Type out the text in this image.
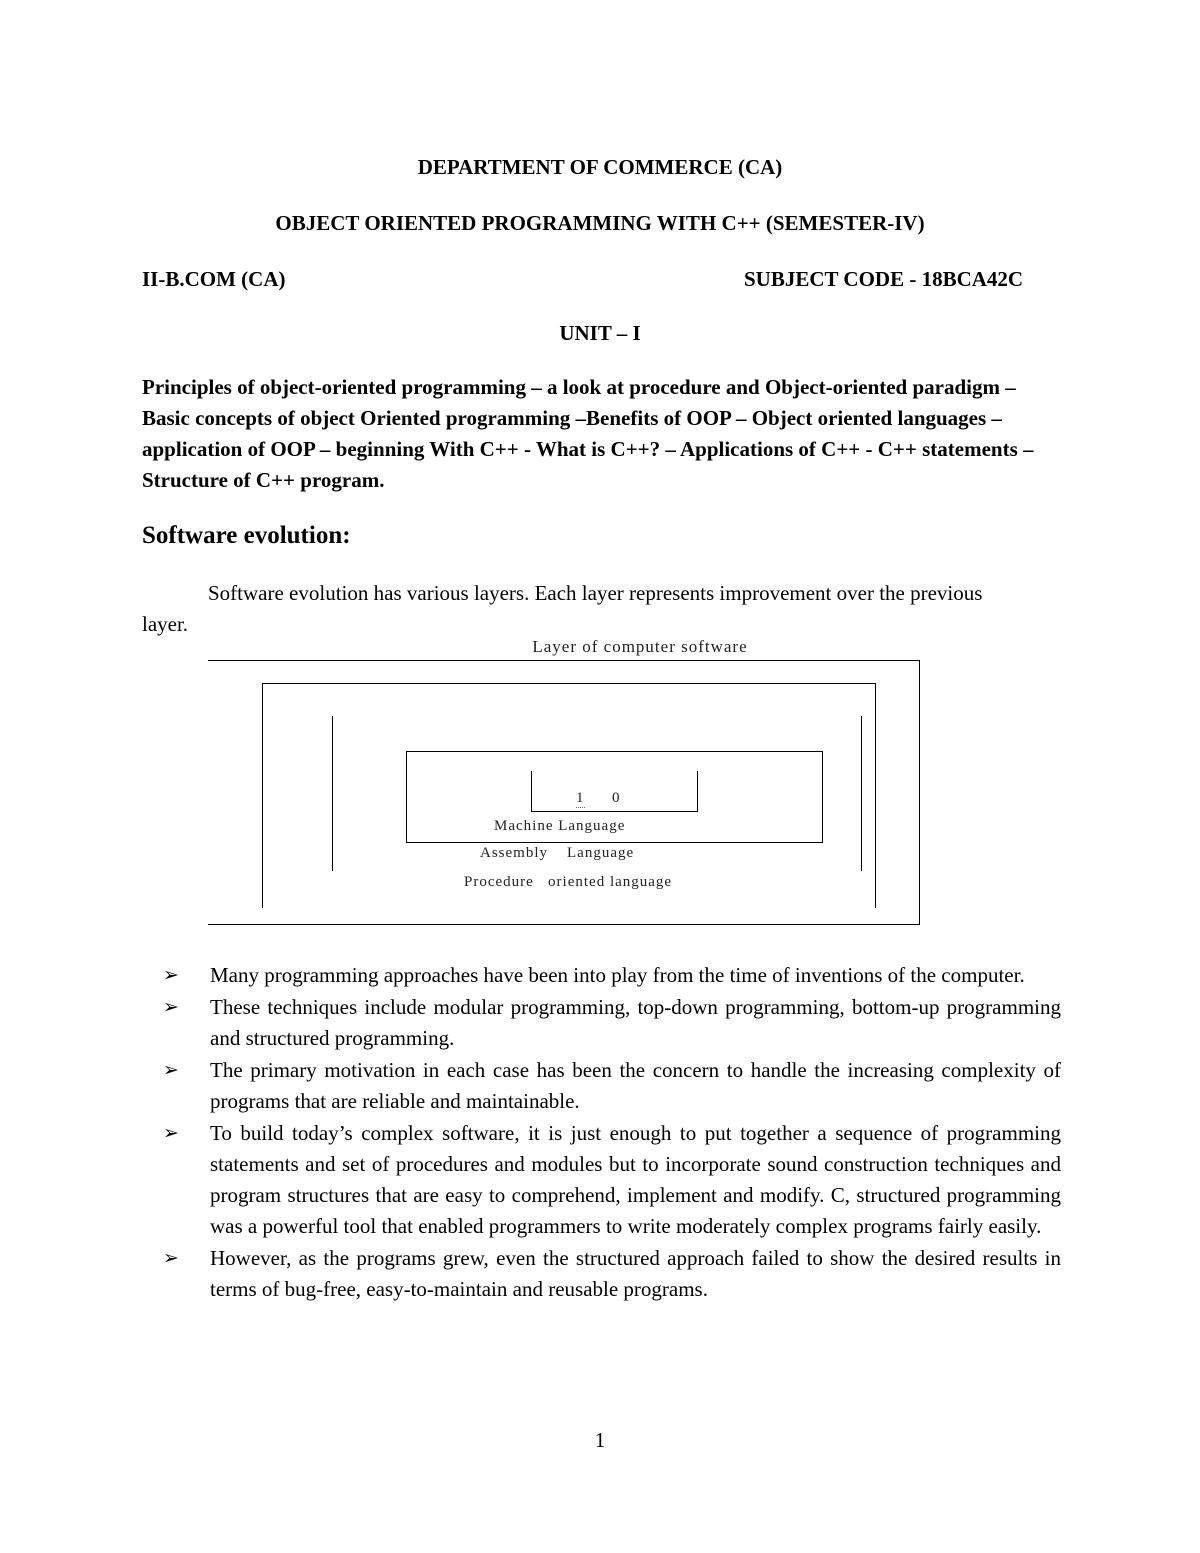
DEPARTMENT OF COMMERCE (CA)
OBJECT ORIENTED PROGRAMMING WITH C++ (SEMESTER-IV)
II-B.COM (CA)	SUBJECT CODE - 18BCA42C
UNIT – I
Principles of object-oriented programming – a look at procedure and Object-oriented paradigm – Basic concepts of object Oriented programming –Benefits of OOP – Object oriented languages – application of OOP – beginning With C++ - What is C++? – Applications of C++ - C++ statements – Structure of C++ program.
Software evolution:
Software evolution has various layers. Each layer represents improvement over the previous layer.
Layer of computer software
1 0
Machine Language
Assembly    Language
Procedure   oriented language
➢ Many programming approaches have been into play from the time of inventions of the computer.
➢ These techniques include modular programming, top-down programming, bottom-up programming and structured programming.
➢ The primary motivation in each case has been the concern to handle the increasing complexity of programs that are reliable and maintainable.
➢ To build today’s complex software, it is just enough to put together a sequence of programming statements and set of procedures and modules but to incorporate sound construction techniques and program structures that are easy to comprehend, implement and modify. C, structured programming was a powerful tool that enabled programmers to write moderately complex programs fairly easily.
➢ However, as the programs grew, even the structured approach failed to show the desired results in terms of bug-free, easy-to-maintain and reusable programs.
1
